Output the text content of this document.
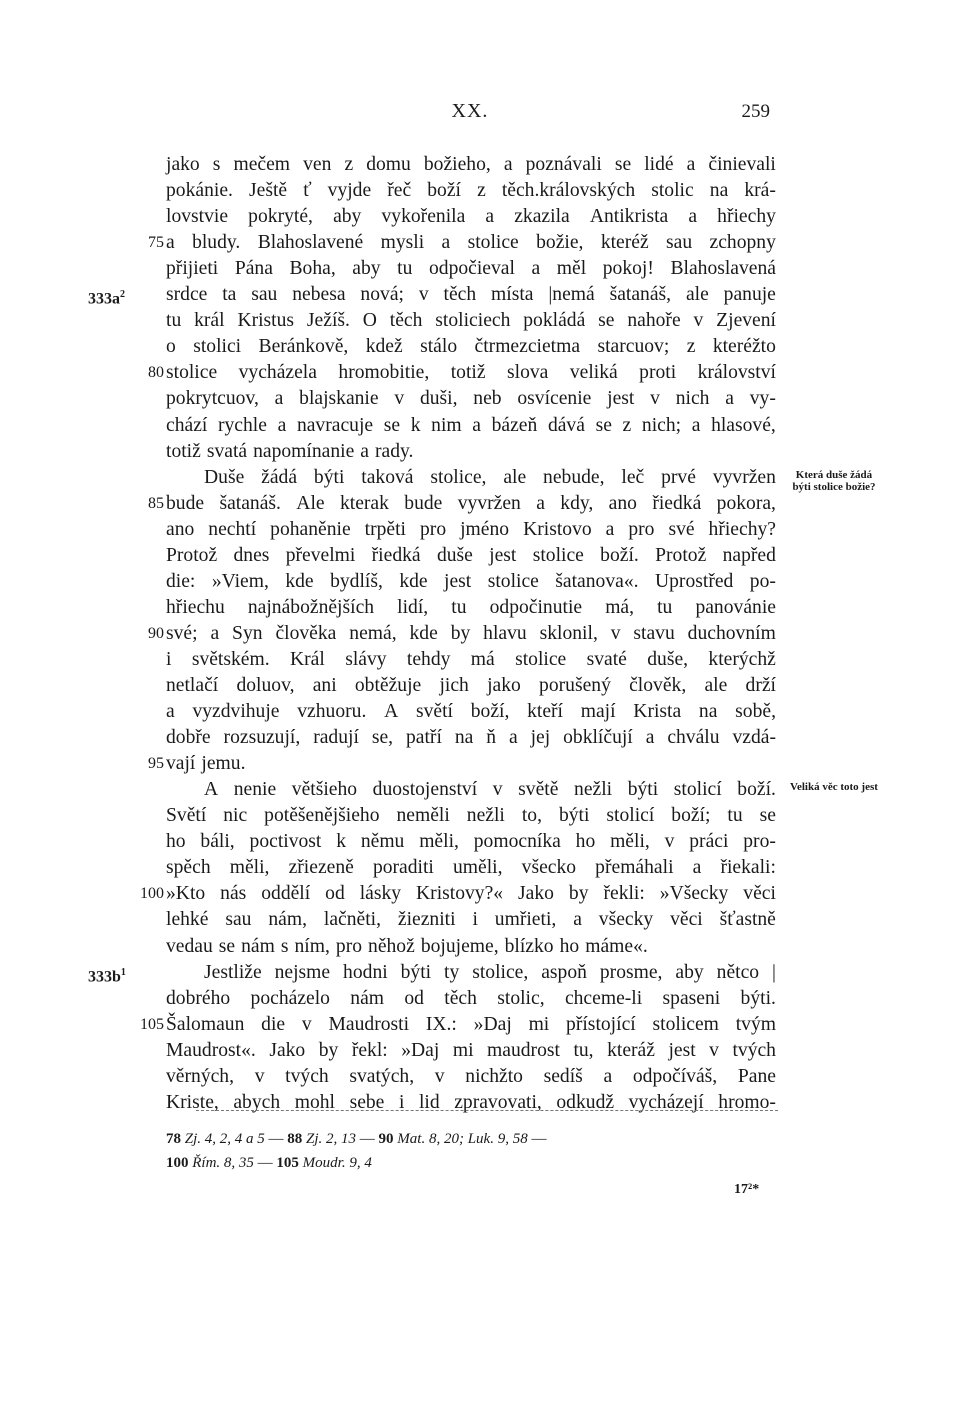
XX.	259
jako s mečem ven z domu božieho, a poznávali se lidé a činievali
pokánie. Ještě ť vyjde řeč boží z těch.královských stolic na krá-
lovstvie pokryté, aby vykořenila a zkazila Antikrista a hřiechy
a bludy. Blahoslavené mysli a stolice božie, kteréž sau zchopny
přijieti Pána Boha, aby tu odpočieval a měl pokoj! Blahoslavená
srdce ta sau nebesa nová; v těch místa |nemá šatanáš, ale panuje
tu král Kristus Ježíš. O těch stoliciech pokládá se nahoře v Zjevení
o stolici Beránkově, kdež stálo čtrmezcietma starcuov; z kteréžto
stolice vycházela hromobitie, totiž slova veliká proti království
pokrytcuov, a blajskanie v duši, neb osvícenie jest v nich a vy-
chází rychle a navracuje se k nim a bázeň dává se z nich; a hlasové,
totiž svatá napomínanie a rady.
Duše žádá býti taková stolice, ale nebude, leč prvé vyvržen
bude šatanáš. Ale kterak bude vyvržen a kdy, ano řiedká pokora,
ano nechtí pohaněnie trpěti pro jméno Kristovo a pro své hřiechy?
Protož dnes převelmi řiedká duše jest stolice boží. Protož napřed
die: »Viem, kde bydlíš, kde jest stolice šatanova«. Uprostřed po-
hřiechu najnábožnějších lidí, tu odpočinutie má, tu panovánie
své; a Syn člověka nemá, kde by hlavu sklonil, v stavu duchovním
i světském. Král slávy tehdy má stolice svaté duše, kterýchž
netlačí doluov, ani obtěžuje jich jako porušený člověk, ale drží
a vyzdvihuje vzhuoru. A světí boží, kteří mají Krista na sobě,
dobře rozsuzují, radují se, patří na ň a jej obklíčují a chválu vzdá-
vají jemu.
A nenie většieho duostojenství v světě nežli býti stolicí boží.
Světí nic potěšenějšieho neměli nežli to, býti stolicí boží; tu se
ho báli, poctivost k němu měli, pomocníka ho měli, v práci pro-
spěch měli, zřiezeně poraditi uměli, všecko přemáhali a řiekali:
»Kto nás oddělí od lásky Kristovy?« Jako by řekli: »Všecky věci
lehké sau nám, lačněti, žiezniti i umřieti, a všecky věci šťastně
vedau se nám s ním, pro něhož bojujeme, blízko ho máme«.
Jestliže nejsme hodni býti ty stolice, aspoň prosme, aby nětco |
dobrého pocházelo nám od těch stolic, chceme-li spaseni býti.
Šalomaun die v Maudrosti IX.: »Daj mi přístojící stolicem tvým
Maudrost«. Jako by řekl: »Daj mi maudrost tu, kteráž jest v tvých
věrných, v tvých svatých, v nichžto sedíš a odpočíváš, Pane
Kriste, abych mohl sebe i lid zpravovati, odkudž vycházejí hromo-
75
80
85
90
95
100
105
$333a^2$
$333b^1$
Která duše žádá býti stolice božie?
Veliká věc toto jest
78 Zj. 4, 2, 4 a 5 — 88 Zj. 2, 13 — 90 Mat. 8, 20; Luk. 9, 58 —
100 Řím. 8, 35 — 105 Moudr. 9, 4
17²*
